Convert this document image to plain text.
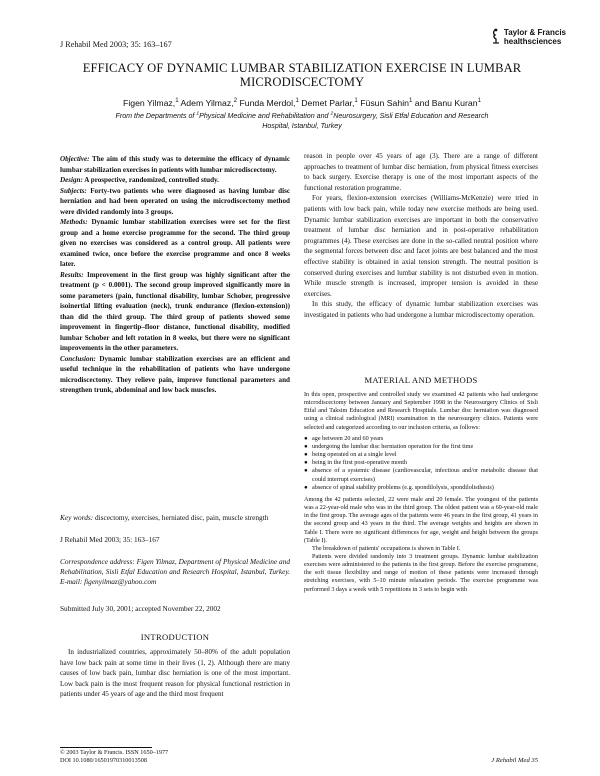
J Rehabil Med 2003; 35: 163–167
Taylor & Francis
healthsciences
EFFICACY OF DYNAMIC LUMBAR STABILIZATION EXERCISE IN LUMBAR
MICRODISCECTOMY
Figen Yilmaz,$^1$ Adem Yilmaz,$^2$ Funda Merdol,$^1$ Demet Parlar,$^1$ Füsun Sahin$^1$ and Banu Kuran$^1$
From the Departments of $^1$Physical Medicine and Rehabilitation and $^2$Neurosurgery, Sisli Etfal Education and Research
Hospital, Istanbul, Turkey

Objective: The aim of this study was to determine the efficacy of dynamic lumbar stabilization exercises in patients with lumbar microdiscectomy.

Design: A prospective, randomized, controlled study.

Subjects: Forty-two patients who were diagnosed as having lumbar disc herniation and had been operated on using the microdiscectomy method were divided randomly into 3 groups.

Methods: Dynamic lumbar stabilization exercises were set for the first group and a home exercise programme for the second. The third group given no exercises was considered as a control group. All patients were examined twice, once before the exercise programme and once 8 weeks later.

Results: Improvement in the first group was highly significant after the treatment (p < 0.0001). The second group improved significantly more in some parameters (pain, functional disability, lumbar Schober, progressive isoinertial lifting evaluation (neck), trunk endurance (flexion-extension)) than did the third group. The third group of patients showed some improvement in fingertip–floor distance, functional disability, modified lumbar Schober and left rotation in 8 weeks, but there were no significant improvements in the other parameters.

Conclusion: Dynamic lumbar stabilization exercises are an efficient and useful technique in the rehabilitation of patients who have undergone microdiscectomy. They relieve pain, improve functional parameters and strengthen trunk, abdominal and low back muscles.

Key words: discectomy, exercises, herniated disc, pain, muscle strength
J Rehabil Med 2003; 35: 163–167
Correspondence address: Figen Yilmaz, Department of Physical Medicine and Rehabilitation, Sisli Etfal Education and Research Hospital, Istanbul, Turkey. E-mail: figenyilmaz@yahoo.com
Submitted July 30, 2001; accepted November 22, 2002
INTRODUCTION

In industrialized countries, approximately 50–80% of the adult population have low back pain at some time in their lives (1, 2). Although there are many causes of low back pain, lumbar disc herniation is one of the most important. Low back pain is the most frequent reason for physical functional restriction in patients under 45 years of age and the third most frequent

© 2003 Taylor & Francis. ISSN 1650–1977
DOI 10.1080/16501970310013508	J Rehabil Med 35

reason in people over 45 years of age (3). There are a range of different approaches to treatment of lumbar disc herniation, from physical fitness exercises to back surgery. Exercise therapy is one of the most important aspects of the functional restoration programme.

For years, flexion-extension exercises (Williams-McKenzie) were tried in patients with low back pain, while today new exercise methods are being used. Dynamic lumbar stabilization exercises are important in both the conservative treatment of lumbar disc herniation and in post-operative rehabilitation programmes (4). These exercises are done in the so-called neutral position where the segmental forces between disc and facet joints are best balanced and the most effective stability is obtained in axial tension strength. The neutral position is conserved during exercises and lumbar stability is not disturbed even in motion. While muscle strength is increased, improper tension is avoided in these exercises.

In this study, the efficacy of dynamic lumbar stabilization exercises was investigated in patients who had undergone a lumbar microdiscectomy operation.

MATERIAL AND METHODS

In this open, prospective and controlled study we examined 42 patients who had undergone microdiscectomy between January and September 1998 in the Neurosurgery Clinics of Sisli Etfal and Taksim Education and Research Hospitals. Lumbar disc herniation was diagnosed using a clinical radiological (MRI) examination in the neurosurgery clinics. Patients were selected and categorized according to our inclusion criteria, as follows:

● age between 20 and 60 years
● undergoing the lumbar disc herniation operation for the first time
● being operated on at a single level
● being in the first post-operative month
● absence of a systemic disease (cardiovascular, infectious and/or metabolic disease that could interrupt exercises)
● absence of spinal stability problems (e.g. spondilolysis, spondilolisthesis)

Among the 42 patients selected, 22 were male and 20 female. The youngest of the patients was a 22-year-old male who was in the third group. The oldest patient was a 60-year-old male in the first group. The average ages of the patients were 46 years in the first group, 41 years in the second group and 43 years in the third. The average weights and heights are shown in Table I. There were no significant differences for age, weight and height between the groups (Table I).

The breakdown of patients' occupations is shown in Table I.

Patients were divided randomly into 3 treatment groups. Dynamic lumbar stabilization exercises were administered to the patients in the first group. Before the exercise programme, the soft tissue flexibility and range of motion of these patients were increased through stretching exercises, with 5–10 minute relaxation periods. The exercise programme was performed 3 days a week with 5 repetitions in 3 sets to begin with
